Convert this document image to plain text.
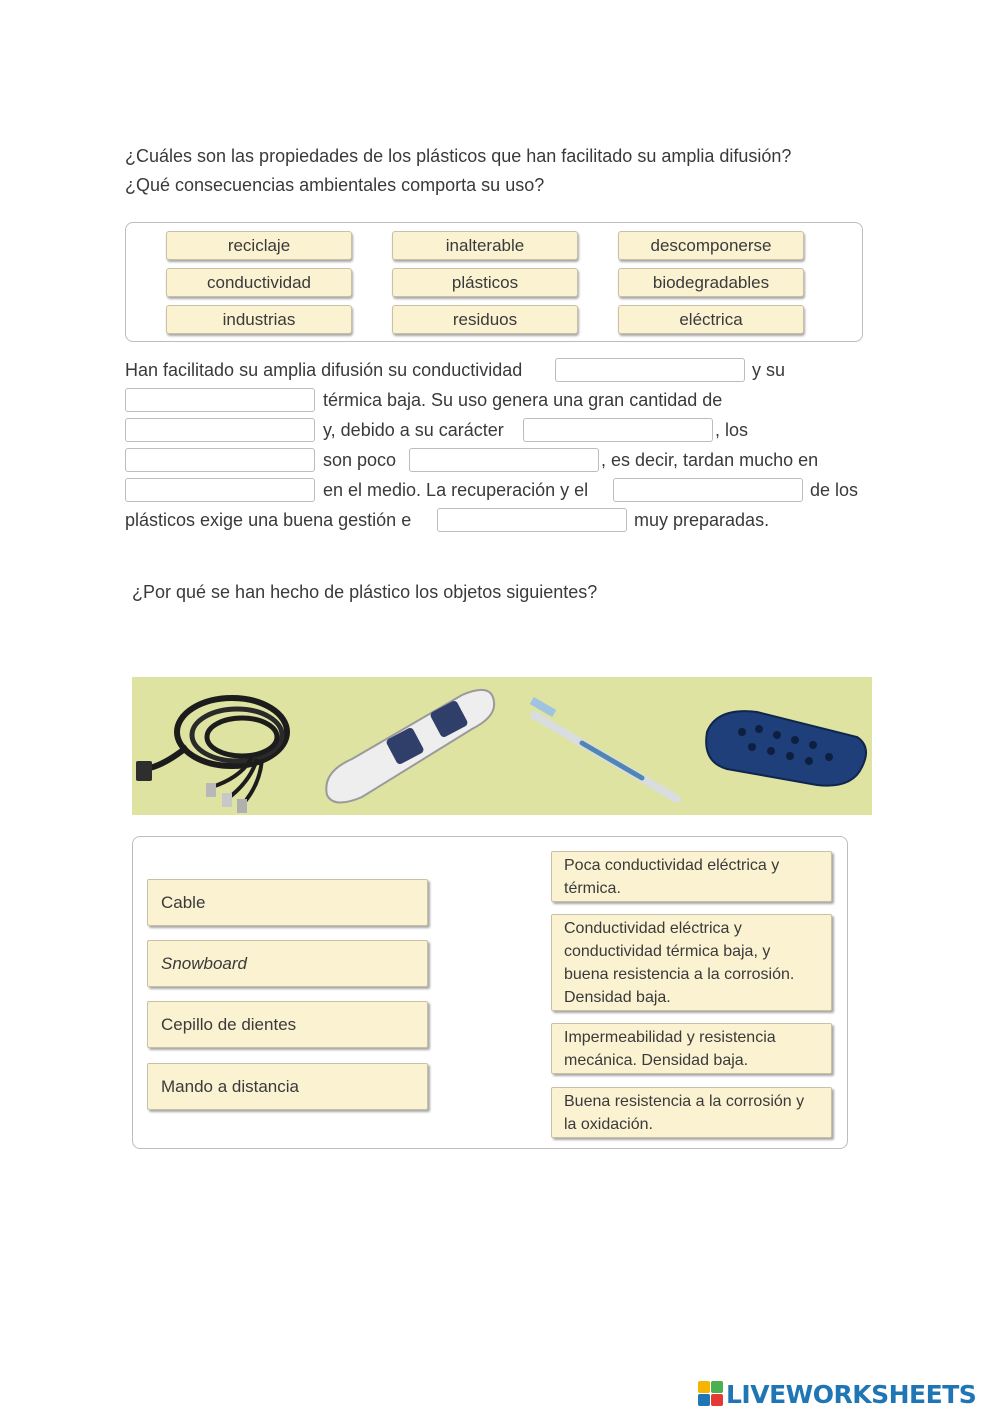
¿Cuáles son las propiedades de los plásticos que han facilitado su amplia difusión?
¿Qué consecuencias ambientales comporta su uso?
reciclaje	inalterable	descomponerse
conductividad	plásticos	biodegradables
industrias	residuos	eléctrica
Han facilitado su amplia difusión su conductividad	y su
térmica baja. Su uso genera una gran cantidad de
y, debido a su carácter	, los
son poco	, es decir, tardan mucho en
en el medio. La recuperación y el	de los
plásticos exige una buena gestión e	muy preparadas.
¿Por qué se han hecho de plástico los objetos siguientes?
Cable
Snowboard
Cepillo de dientes
Mando a distancia
Poca conductividad eléctrica y térmica.
Conductividad eléctrica y conductividad térmica baja, y buena resistencia a la corrosión. Densidad baja.
Impermeabilidad y resistencia mecánica. Densidad baja.
Buena resistencia a la corrosión y la oxidación.
LIVEWORKSHEETS
